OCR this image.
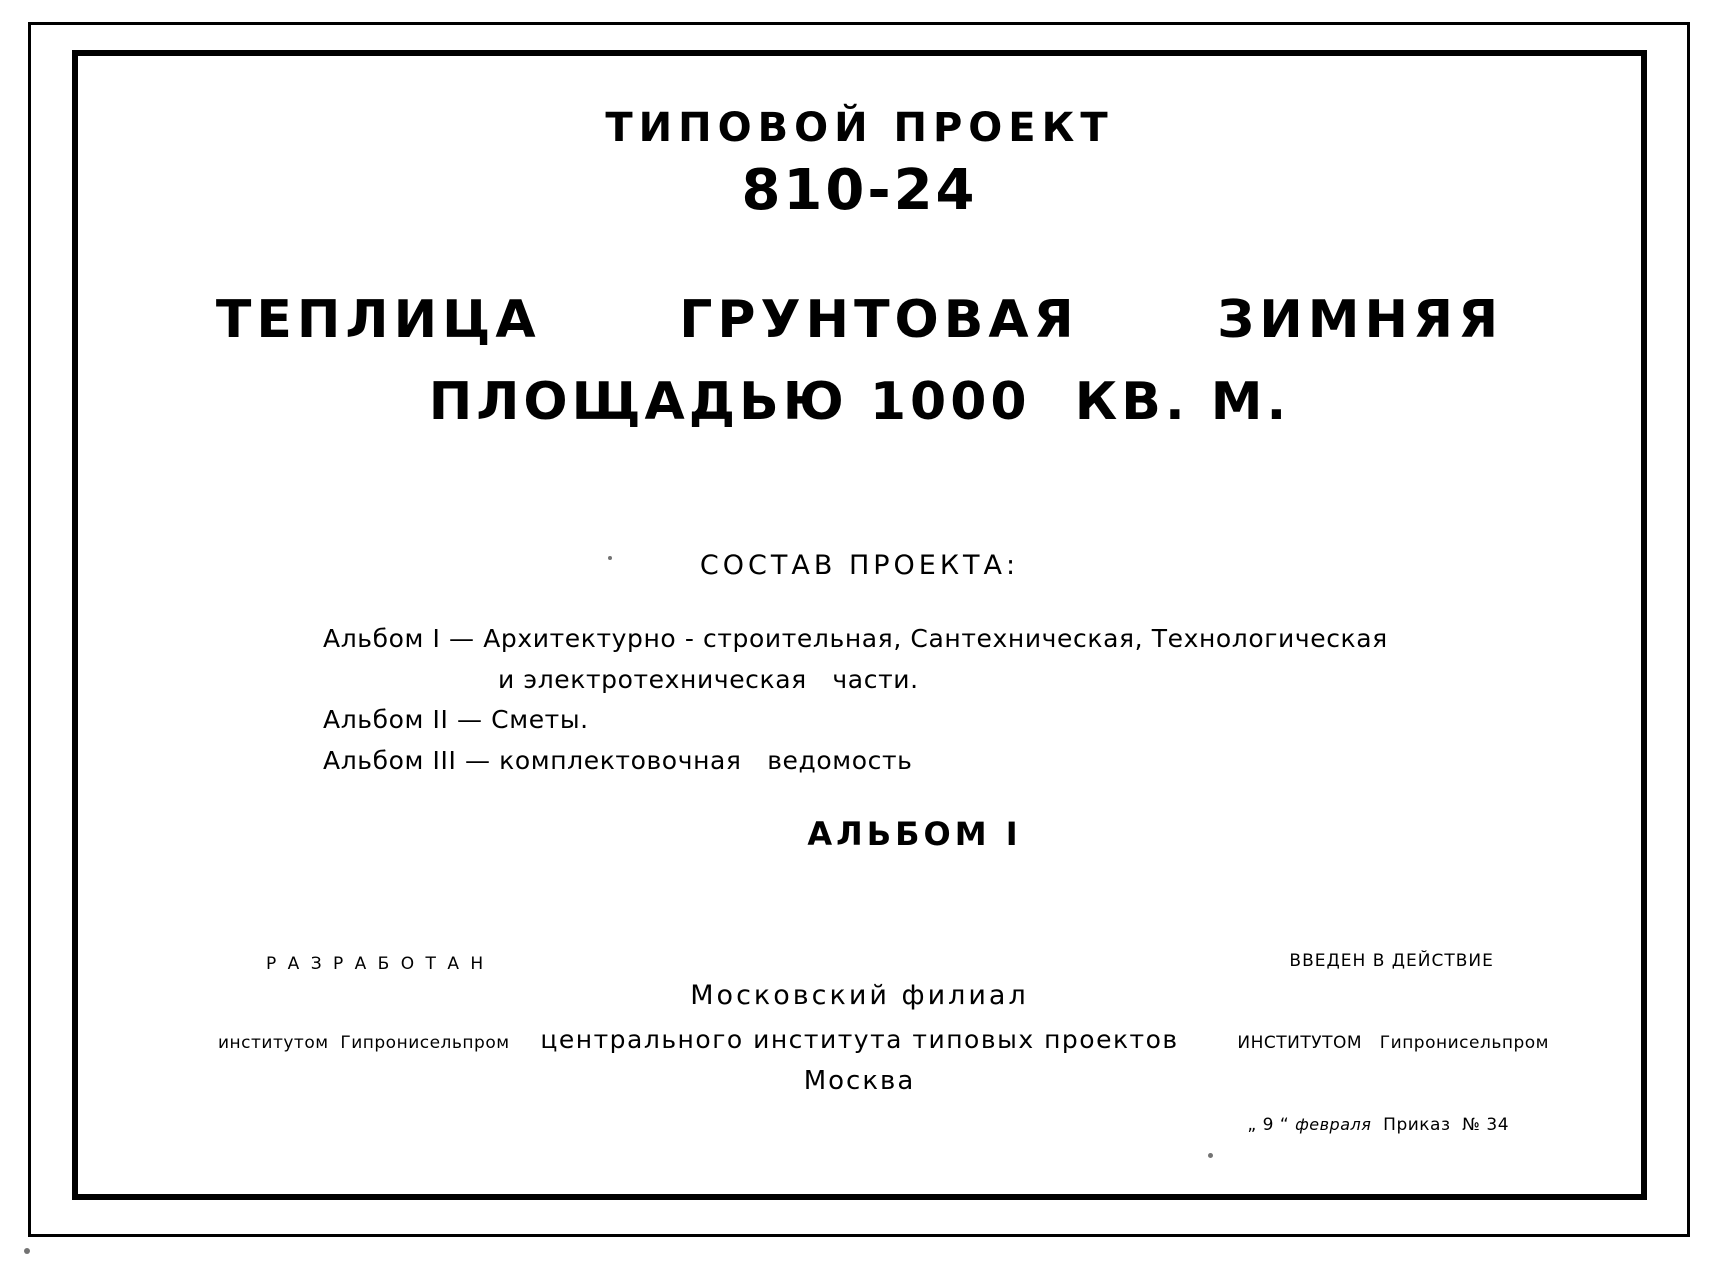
ТИПОВОЙ ПРОЕКТ
810-24
ТЕПЛИЦА      ГРУНТОВАЯ      ЗИМНЯЯ
ПЛОЩАДЬЮ 1000  КВ. М.
СОСТАВ ПРОЕКТА:
Альбом I — Архитектурно - строительная, Сантехническая, Технологическая
и электротехническая   части.
Альбом II — Сметы.
Альбом III — комплектовочная   ведомость
АЛЬБОМ I

Р А З Р А Б О Т А Н

институтом  Гипронисельпром

ВВЕДЕН В ДЕЙСТВИЕ

ИНСТИТУТОМ   Гипронисельпром

„ 9 “ февраля Приказ  № 34

Московский филиал
центрального института типовых проектов
Москва
